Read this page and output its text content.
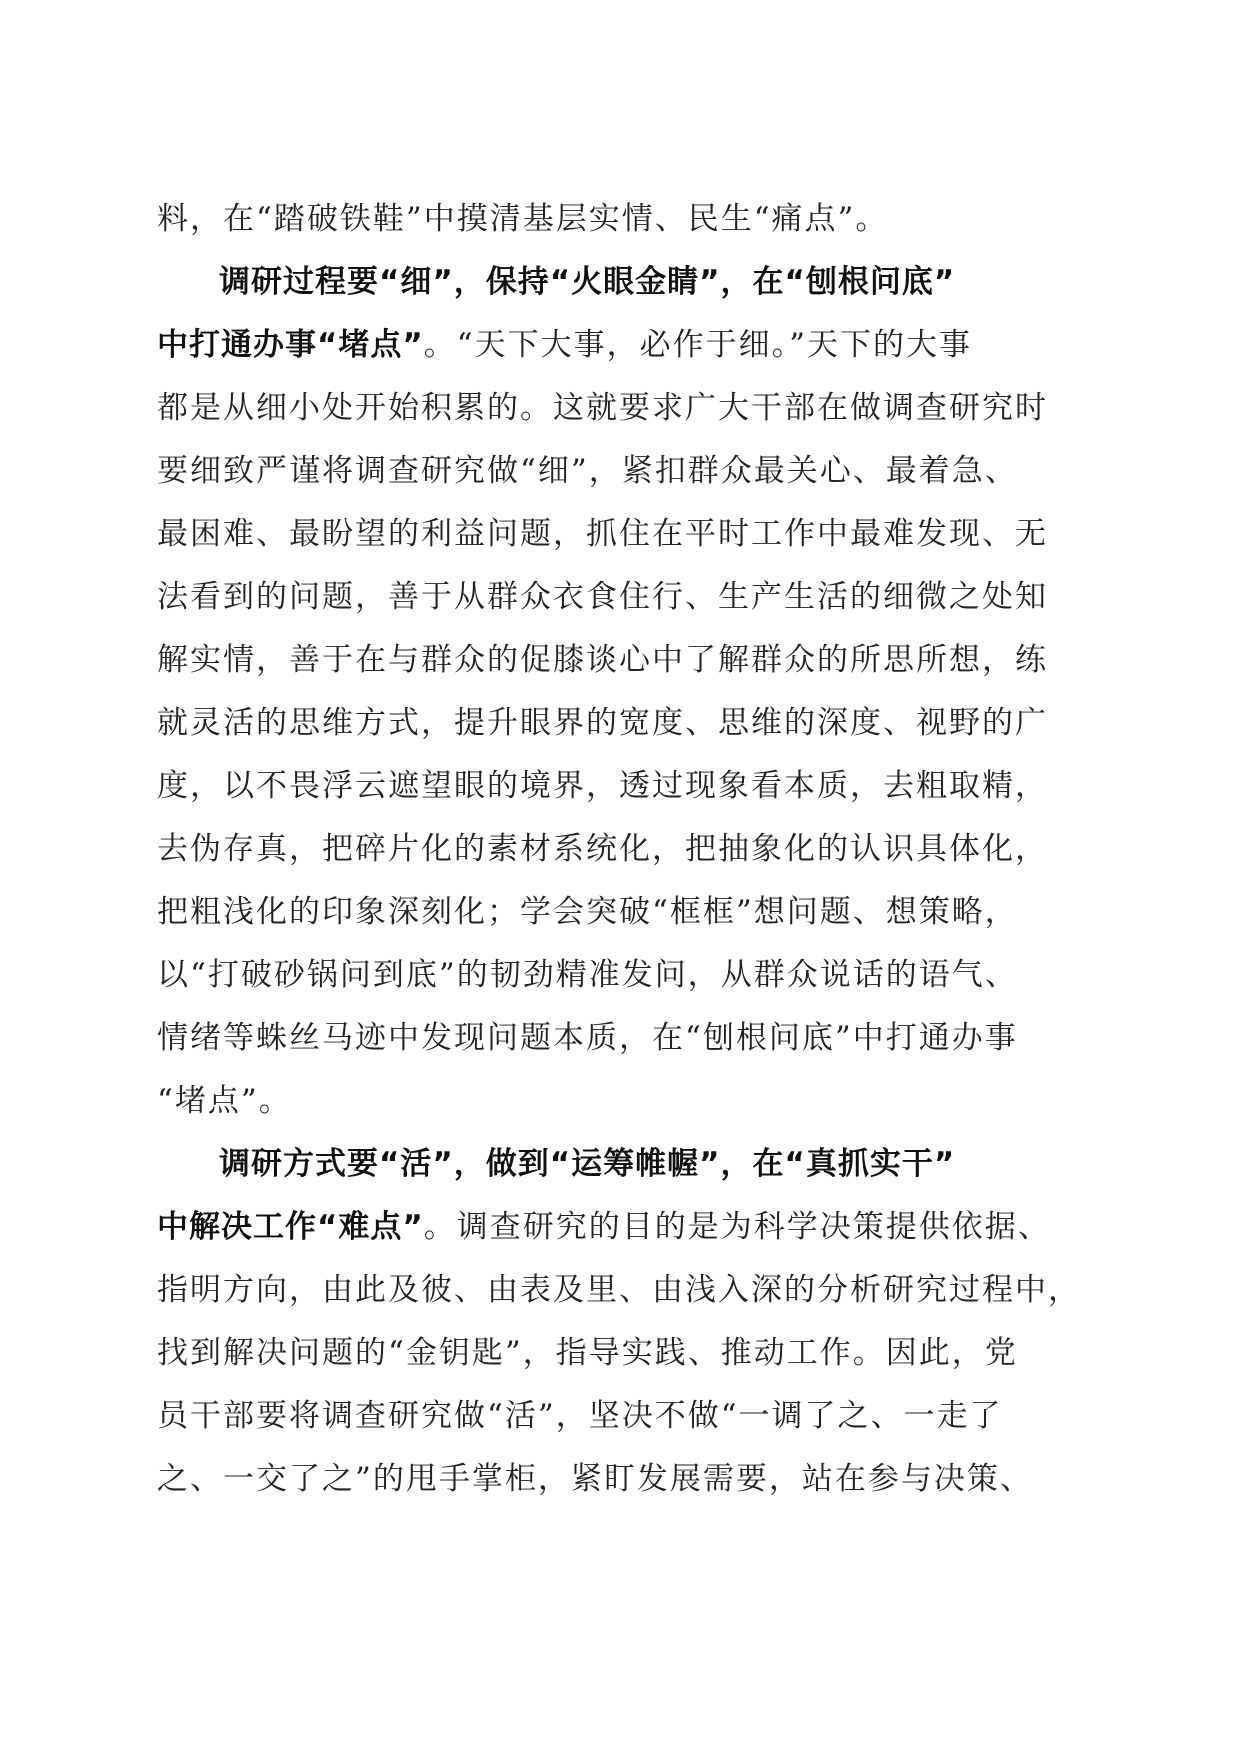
料，在“踏破铁鞋”中摸清基层实情、民生“痛点”。
调研过程要“细”，保持“火眼金睛”，在“刨根问底”
中打通办事“堵点”。“天下大事，必作于细。”天下的大事
都是从细小处开始积累的。这就要求广大干部在做调查研究时
要细致严谨将调查研究做“细”，紧扣群众最关心、最着急、
最困难、最盼望的利益问题，抓住在平时工作中最难发现、无
法看到的问题，善于从群众衣食住行、生产生活的细微之处知
解实情，善于在与群众的促膝谈心中了解群众的所思所想，练
就灵活的思维方式，提升眼界的宽度、思维的深度、视野的广
度，以不畏浮云遮望眼的境界，透过现象看本质，去粗取精，
去伪存真，把碎片化的素材系统化，把抽象化的认识具体化，
把粗浅化的印象深刻化；学会突破“框框”想问题、想策略，
以“打破砂锅问到底”的韧劲精准发问，从群众说话的语气、
情绪等蛛丝马迹中发现问题本质，在“刨根问底”中打通办事
“堵点”。
调研方式要“活”，做到“运筹帷幄”，在“真抓实干”
中解决工作“难点”。调查研究的目的是为科学决策提供依据、
指明方向，由此及彼、由表及里、由浅入深的分析研究过程中，
找到解决问题的“金钥匙”，指导实践、推动工作。因此，党
员干部要将调查研究做“活”，坚决不做“一调了之、一走了
之、一交了之”的甩手掌柜，紧盯发展需要，站在参与决策、
